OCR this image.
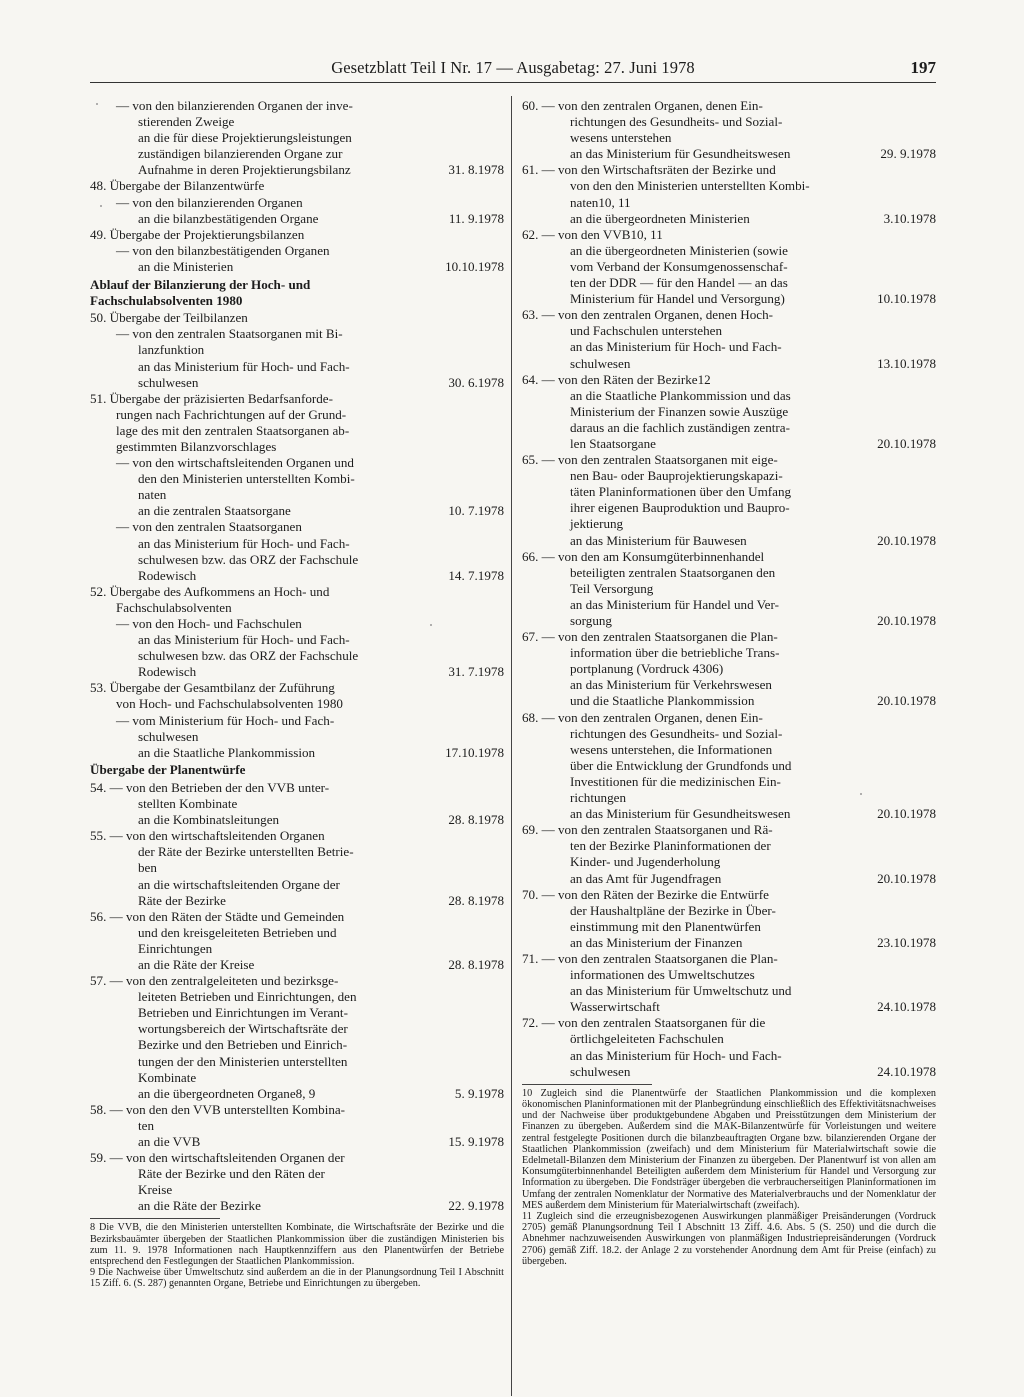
Gesetzblatt Teil I Nr. 17 — Ausgabetag: 27. Juni 1978	197
— von den bilanzierenden Organen der inve-
stierenden Zweige
an die für diese Projektierungsleistungen
zuständigen bilanzierenden Organe zur
Aufnahme in deren Projektierungsbilanz	31. 8.1978
48. Übergabe der Bilanzentwürfe
— von den bilanzierenden Organen
an die bilanzbestätigenden Organe	11. 9.1978
49. Übergabe der Projektierungsbilanzen
— von den bilanzbestätigenden Organen
an die Ministerien	10.10.1978
Ablauf der Bilanzierung der Hoch- und
Fachschulabsolventen 1980
50. Übergabe der Teilbilanzen
— von den zentralen Staatsorganen mit Bi-
lanzfunktion
an das Ministerium für Hoch- und Fach-
schulwesen	30. 6.1978
51. Übergabe der präzisierten Bedarfsanforde-
rungen nach Fachrichtungen auf der Grund-
lage des mit den zentralen Staatsorganen ab-
gestimmten Bilanzvorschlages
— von den wirtschaftsleitenden Organen und
den den Ministerien unterstellten Kombi-
naten
an die zentralen Staatsorgane	10. 7.1978
— von den zentralen Staatsorganen
an das Ministerium für Hoch- und Fach-
schulwesen bzw. das ORZ der Fachschule
Rodewisch	14. 7.1978
52. Übergabe des Aufkommens an Hoch- und
Fachschulabsolventen
— von den Hoch- und Fachschulen
an das Ministerium für Hoch- und Fach-
schulwesen bzw. das ORZ der Fachschule
Rodewisch	31. 7.1978
53. Übergabe der Gesamtbilanz der Zuführung
von Hoch- und Fachschulabsolventen 1980
— vom Ministerium für Hoch- und Fach-
schulwesen
an die Staatliche Plankommission	17.10.1978
Übergabe der Planentwürfe
54. — von den Betrieben der den VVB unter-
stellten Kombinate
an die Kombinatsleitungen	28. 8.1978
55. — von den wirtschaftsleitenden Organen
der Räte der Bezirke unterstellten Betrie-
ben
an die wirtschaftsleitenden Organe der
Räte der Bezirke	28. 8.1978
56. — von den Räten der Städte und Gemeinden
und den kreisgeleiteten Betrieben und
Einrichtungen
an die Räte der Kreise	28. 8.1978
57. — von den zentralgeleiteten und bezirksge-
leiteten Betrieben und Einrichtungen, den
Betrieben und Einrichtungen im Verant-
wortungsbereich der Wirtschaftsräte der
Bezirke und den Betrieben und Einrich-
tungen der den Ministerien unterstellten
Kombinate
an die übergeordneten Organe8, 9	5. 9.1978
58. — von den den VVB unterstellten Kombina-
ten
an die VVB	15. 9.1978
59. — von den wirtschaftsleitenden Organen der
Räte der Bezirke und den Räten der
Kreise
an die Räte der Bezirke	22. 9.1978

8 Die VVB, die den Ministerien unterstellten Kombinate, die Wirtschaftsräte der Bezirke und die Bezirksbauämter übergeben der Staatlichen Plankommission über die zuständigen Ministerien bis zum 11. 9. 1978 Informationen nach Hauptkennziffern aus den Planentwürfen der Betriebe entsprechend den Festlegungen der Staatlichen Plankommission.

9 Die Nachweise über Umweltschutz sind außerdem an die in der Planungsordnung Teil I Abschnitt 15 Ziff. 6. (S. 287) genannten Organe, Betriebe und Einrichtungen zu übergeben.

60. — von den zentralen Organen, denen Ein-
richtungen des Gesundheits- und Sozial-
wesens unterstehen
an das Ministerium für Gesundheitswesen	29. 9.1978
61. — von den Wirtschaftsräten der Bezirke und
von den den Ministerien unterstellten Kombi-
naten10, 11
an die übergeordneten Ministerien	3.10.1978
62. — von den VVB10, 11
an die übergeordneten Ministerien (sowie
vom Verband der Konsumgenossenschaf-
ten der DDR — für den Handel — an das
Ministerium für Handel und Versorgung)	10.10.1978
63. — von den zentralen Organen, denen Hoch-
und Fachschulen unterstehen
an das Ministerium für Hoch- und Fach-
schulwesen	13.10.1978
64. — von den Räten der Bezirke12
an die Staatliche Plankommission und das
Ministerium der Finanzen sowie Auszüge
daraus an die fachlich zuständigen zentra-
len Staatsorgane	20.10.1978
65. — von den zentralen Staatsorganen mit eige-
nen Bau- oder Bauprojektierungskapazi-
täten Planinformationen über den Umfang
ihrer eigenen Bauproduktion und Baupro-
jektierung
an das Ministerium für Bauwesen	20.10.1978
66. — von den am Konsumgüterbinnenhandel
beteiligten zentralen Staatsorganen den
Teil Versorgung
an das Ministerium für Handel und Ver-
sorgung	20.10.1978
67. — von den zentralen Staatsorganen die Plan-
information über die betriebliche Trans-
portplanung (Vordruck 4306)
an das Ministerium für Verkehrswesen
und die Staatliche Plankommission	20.10.1978
68. — von den zentralen Organen, denen Ein-
richtungen des Gesundheits- und Sozial-
wesens unterstehen, die Informationen
über die Entwicklung der Grundfonds und
Investitionen für die medizinischen Ein-
richtungen
an das Ministerium für Gesundheitswesen	20.10.1978
69. — von den zentralen Staatsorganen und Rä-
ten der Bezirke Planinformationen der
Kinder- und Jugenderholung
an das Amt für Jugendfragen	20.10.1978
70. — von den Räten der Bezirke die Entwürfe
der Haushaltpläne der Bezirke in Über-
einstimmung mit den Planentwürfen
an das Ministerium der Finanzen	23.10.1978
71. — von den zentralen Staatsorganen die Plan-
informationen des Umweltschutzes
an das Ministerium für Umweltschutz und
Wasserwirtschaft	24.10.1978
72. — von den zentralen Staatsorganen für die
örtlichgeleiteten Fachschulen
an das Ministerium für Hoch- und Fach-
schulwesen	24.10.1978

10 Zugleich sind die Planentwürfe der Staatlichen Plankommission und die komplexen ökonomischen Planinformationen mit der Planbegründung einschließlich des Effektivitätsnachweises und der Nachweise über produktgebundene Abgaben und Preisstützungen dem Ministerium der Finanzen zu übergeben. Außerdem sind die MAK-Bilanzentwürfe für Vorleistungen und weitere zentral festgelegte Positionen durch die bilanzbeauftragten Organe bzw. bilanzierenden Organe der Staatlichen Plankommission (zweifach) und dem Ministerium für Materialwirtschaft sowie die Edelmetall-Bilanzen dem Ministerium der Finanzen zu übergeben. Der Planentwurf ist von allen am Konsumgüterbinnenhandel Beteiligten außerdem dem Ministerium für Handel und Versorgung zur Information zu übergeben. Die Fondsträger übergeben die verbraucherseitigen Planinformationen im Umfang der zentralen Nomenklatur der Normative des Materialverbrauchs und der Nomenklatur der MES außerdem dem Ministerium für Materialwirtschaft (zweifach).

11 Zugleich sind die erzeugnisbezogenen Auswirkungen planmäßiger Preisänderungen (Vordruck 2705) gemäß Planungsordnung Teil I Abschnitt 13 Ziff. 4.6. Abs. 5 (S. 250) und die durch die Abnehmer nachzuweisenden Auswirkungen von planmäßigen Industriepreisänderungen (Vordruck 2706) gemäß Ziff. 18.2. der Anlage 2 zu vorstehender Anordnung dem Amt für Preise (einfach) zu übergeben.
